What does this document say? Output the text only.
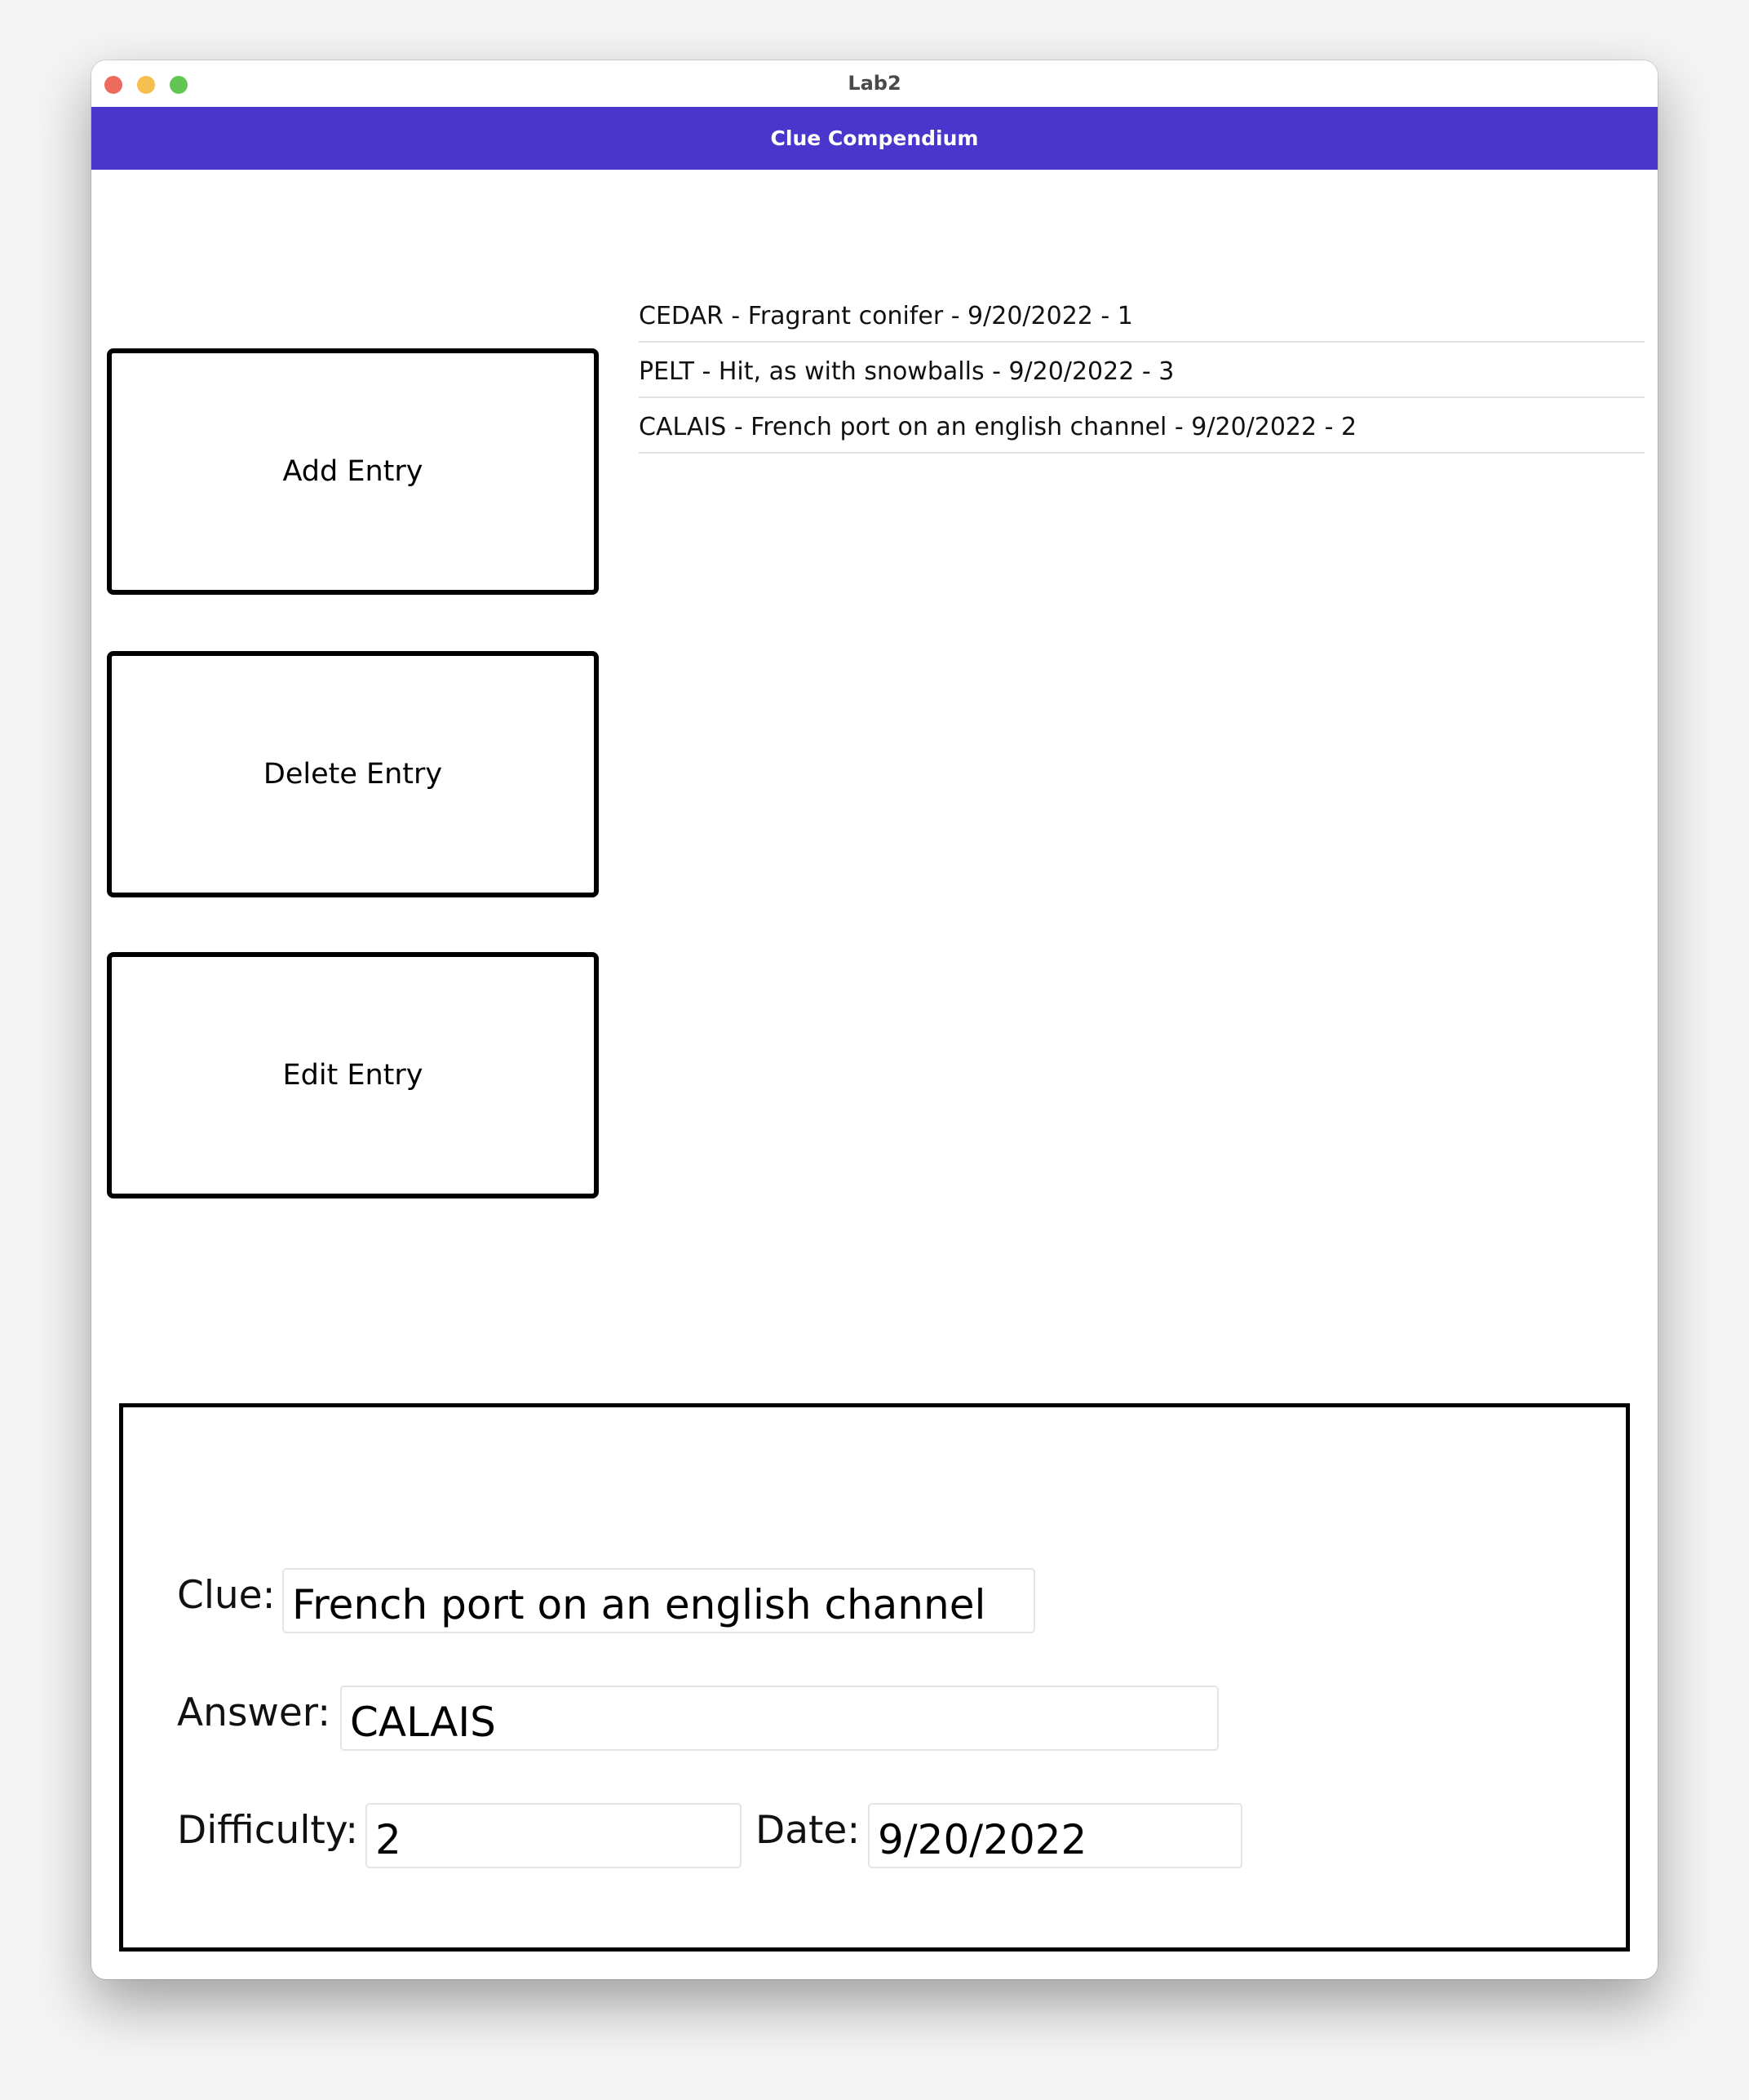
Lab2
Clue Compendium
Add Entry
Delete Entry
Edit Entry
CEDAR - Fragrant conifer - 9/20/2022 - 1
PELT - Hit, as with snowballs - 9/20/2022 - 3
CALAIS - French port on an english channel - 9/20/2022 - 2
Clue: French port on an english channel
Answer: CALAIS
Difficulty: 2	Date: 9/20/2022
